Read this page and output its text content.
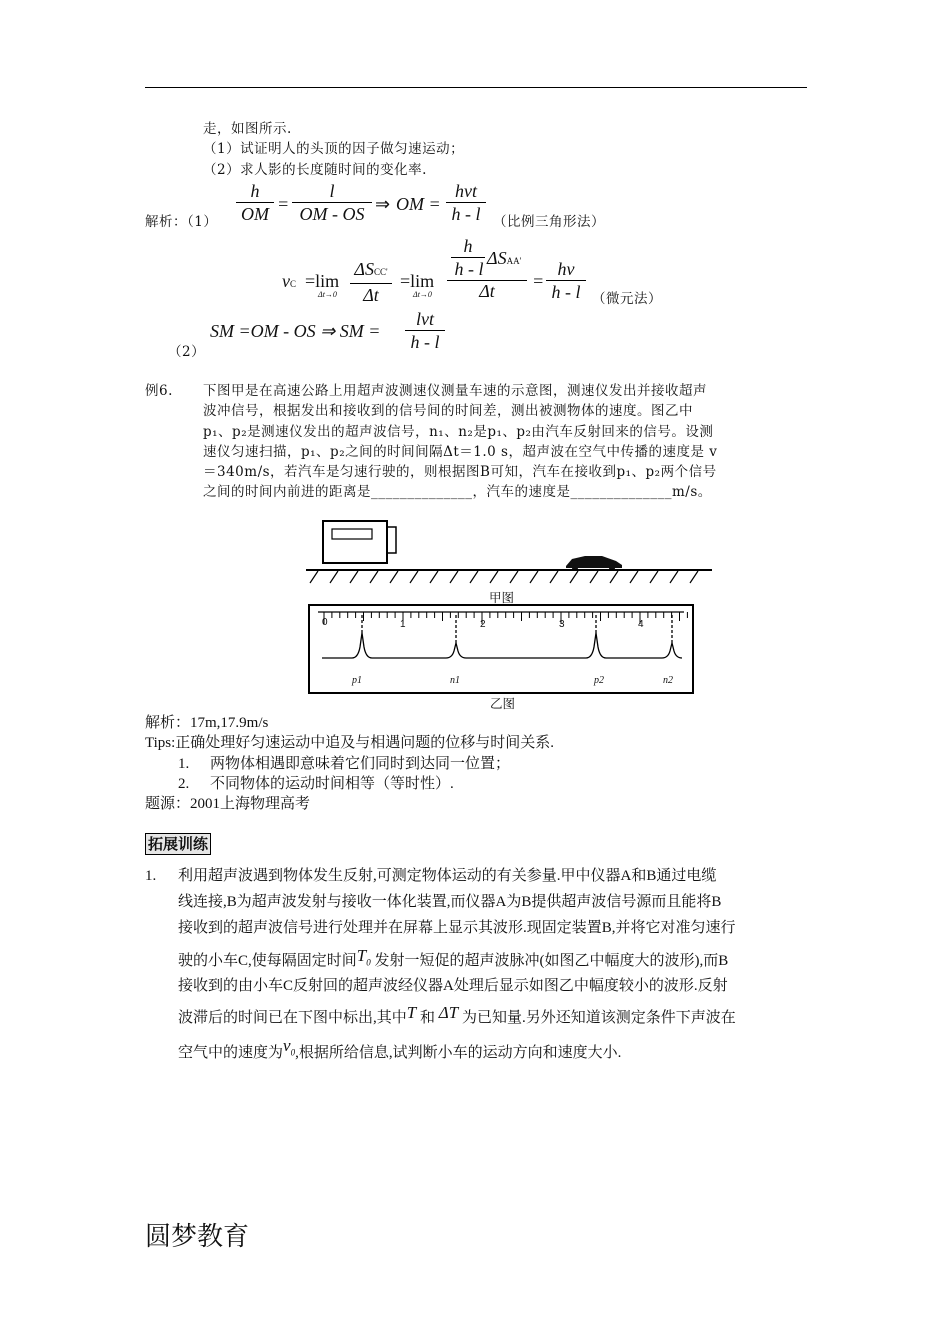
走，如图所示.
（1）试证明人的头顶的因子做匀速运动；
（2）求人影的长度随时间的变化率.
解析：$(1) \frac{h}{OM} = \frac{l}{OM - OS}$ ⇒ OM =
hvt
h - l （比例三角形法）
vC =lim
Δt→0
ΔSCC'
Δt
=lim
Δt→0
h
h - l
ΔSAA'
Δt	= $\frac{hv}{h - l}$ （微元法）
（2）
SM =OM - OS ⇒ SM =
lvt
h - l
例6. 下图甲是在高速公路上用超声波测速仪测量车速的示意图，测速仪发出并接收超声
波冲信号，根据发出和接收到的信号间的时间差，测出被测物体的速度。图乙中
p₁、p₂是测速仪发出的超声波信号，n₁、n₂是p₁、p₂由汽车反射回来的信号。设测
速仪匀速扫描，p₁、p₂之间的时间间隔Δt＝1.0 s，超声波在空气中传播的速度是 v
＝340m/s，若汽车是匀速行驶的，则根据图B可知，汽车在接收到p₁、p₂两个信号
之间的时间内前进的距离是______________，汽车的速度是______________m/s。
甲图
乙图
0	1	2	3	4
p1	n1	p2	n2
解析：17m,17.9m/s
Tips:正确处理好匀速运动中追及与相遇问题的位移与时间关系.
1. 两物体相遇即意味着它们同时到达同一位置；
2. 不同物体的运动时间相等（等时性）.
题源：2001上海物理高考
拓展训练
1. 利用超声波遇到物体发生反射,可测定物体运动的有关参量.甲中仪器A和B通过电缆
线连接,B为超声波发射与接收一体化装置,而仪器A为B提供超声波信号源而且能将B
接收到的超声波信号进行处理并在屏幕上显示其波形.现固定装置B,并将它对准匀速行
驶的小车C,使每隔固定时间$T_0$ 发射一短促的超声波脉冲(如图乙中幅度大的波形),而B
接收到的由小车C反射回的超声波经仪器A处理后显示如图乙中幅度较小的波形.反射
波滞后的时间已在下图中标出,其中T 和 ΔT 为已知量.另外还知道该测定条件下声波在
空气中的速度为$v_0$,根据所给信息,试判断小车的运动方向和速度大小.
圆梦教育
